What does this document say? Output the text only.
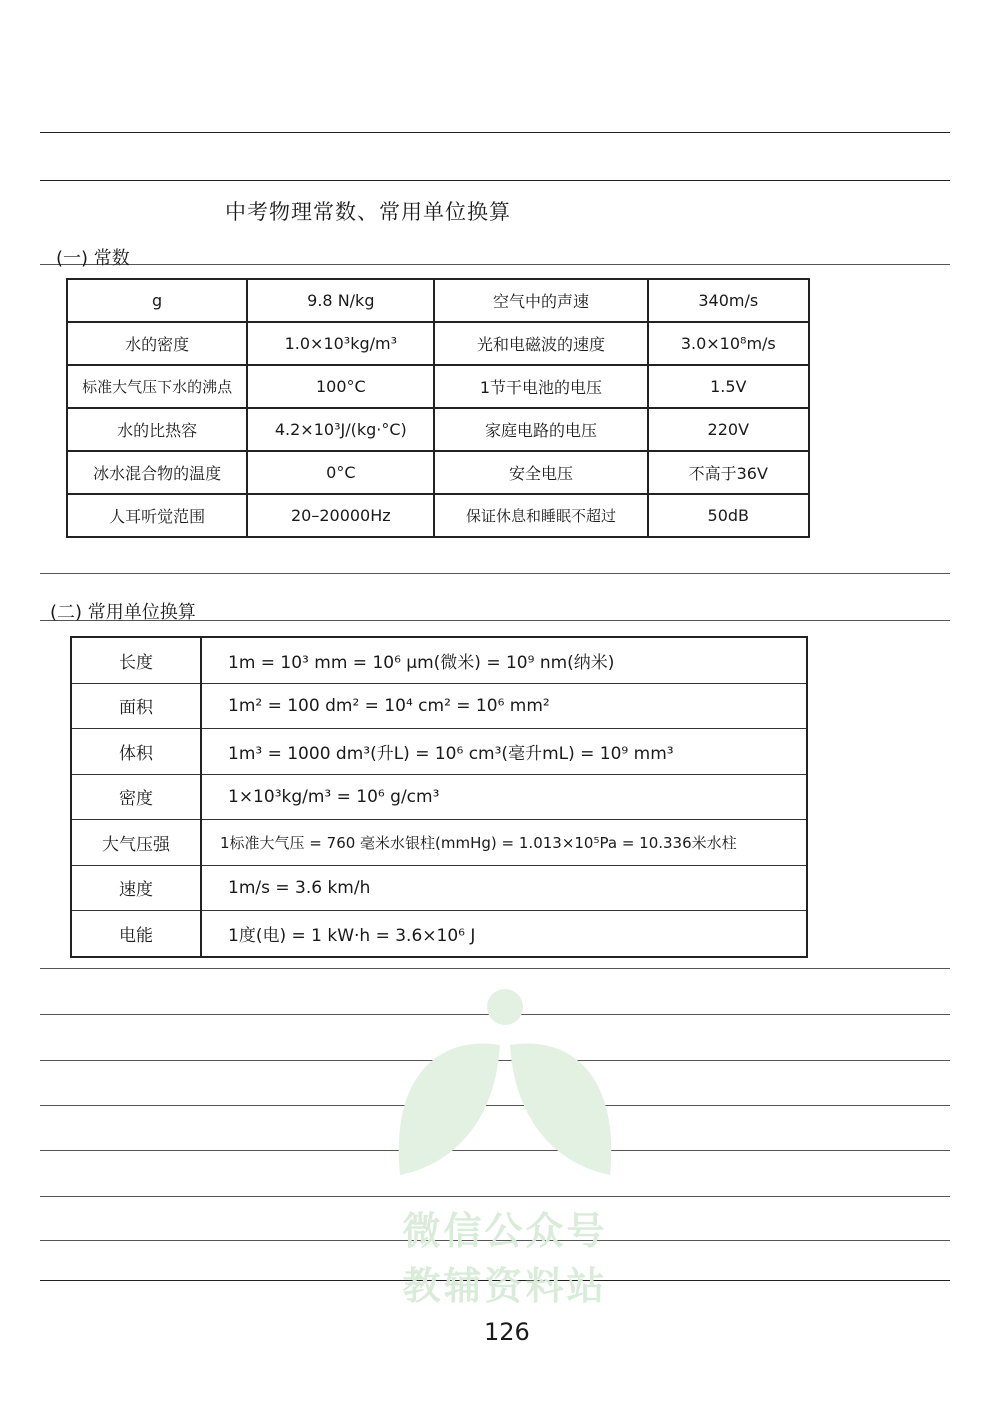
中考物理常数、常用单位换算
(一) 常数
g	9.8 N/kg	空气中的声速	340m/s
水的密度	1.0×10³kg/m³	光和电磁波的速度	3.0×10⁸m/s
标准大气压下水的沸点	100°C	1节干电池的电压	1.5V
水的比热容	4.2×10³J/(kg·°C)	家庭电路的电压	220V
冰水混合物的温度	0°C	安全电压	不高于36V
人耳听觉范围	20–20000Hz	保证休息和睡眠不超过	50dB
(二) 常用单位换算
长度	1m = 10³ mm = 10⁶ μm(微米) = 10⁹ nm(纳米)
面积	1m² = 100 dm² = 10⁴ cm² = 10⁶ mm²
体积	1m³ = 1000 dm³(升L) = 10⁶ cm³(毫升mL) = 10⁹ mm³
密度	1×10³kg/m³ = 10⁶ g/cm³
大气压强	1标准大气压 = 760 毫米水银柱(mmHg) = 1.013×10⁵Pa = 10.336米水柱
速度	1m/s = 3.6 km/h
电能	1度(电) = 1 kW·h = 3.6×10⁶ J
微信公众号
教辅资料站
126
